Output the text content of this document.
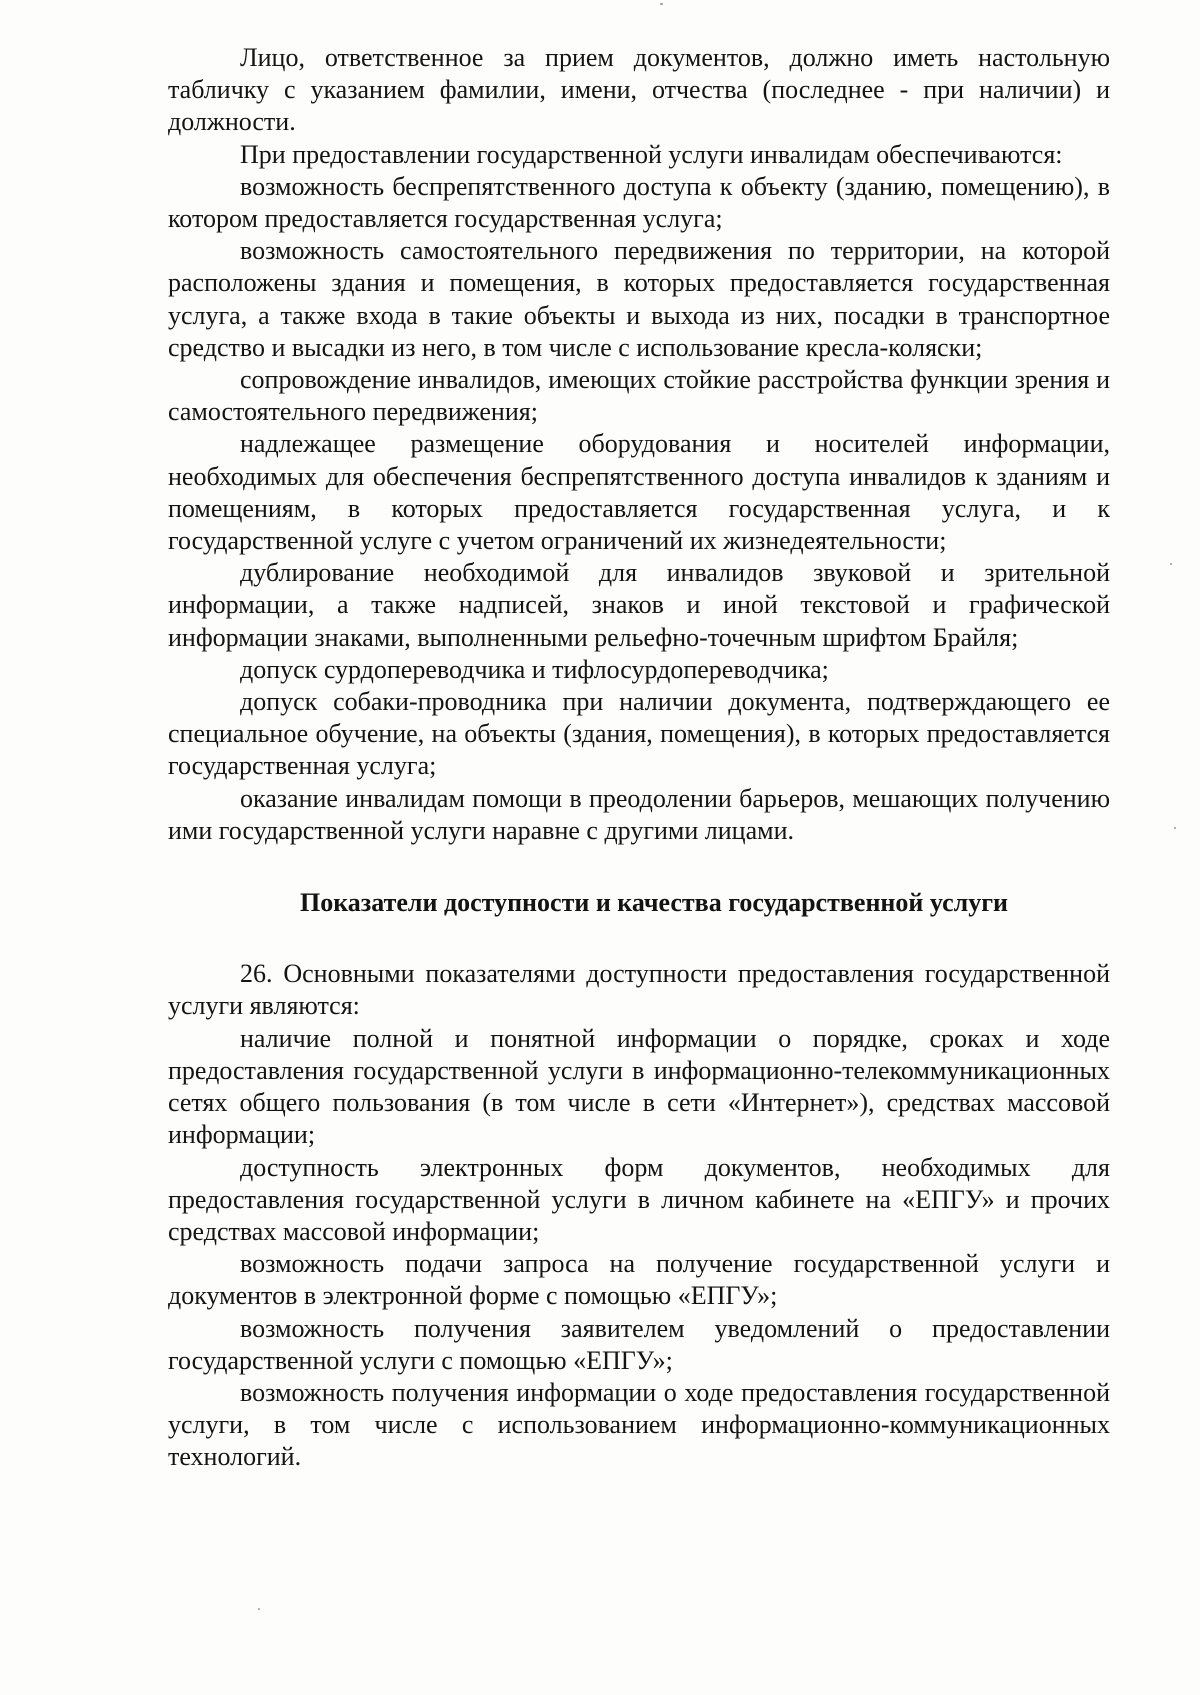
Лицо, ответственное за прием документов, должно иметь настольную табличку с указанием фамилии, имени, отчества (последнее - при наличии) и должности.

При предоставлении государственной услуги инвалидам обеспечиваются:

возможность беспрепятственного доступа к объекту (зданию, помещению), в котором предоставляется государственная услуга;

возможность самостоятельного передвижения по территории, на которой расположены здания и помещения, в которых предоставляется государственная услуга, а также входа в такие объекты и выхода из них, посадки в транспортное средство и высадки из него, в том числе с использование кресла-коляски;

сопровождение инвалидов, имеющих стойкие расстройства функции зрения и самостоятельного передвижения;

надлежащее размещение оборудования и носителей информации, необходимых для обеспечения беспрепятственного доступа инвалидов к зданиям и помещениям, в которых предоставляется государственная услуга, и к государственной услуге с учетом ограничений их жизнедеятельности;

дублирование необходимой для инвалидов звуковой и зрительной информации, а также надписей, знаков и иной текстовой и графической информации знаками, выполненными рельефно-точечным шрифтом Брайля;

допуск сурдопереводчика и тифлосурдопереводчика;

допуск собаки-проводника при наличии документа, подтверждающего ее специальное обучение, на объекты (здания, помещения), в которых предоставляется государственная услуга;

оказание инвалидам помощи в преодолении барьеров, мешающих получению ими государственной услуги наравне с другими лицами.

Показатели доступности и качества государственной услуги

26. Основными показателями доступности предоставления государственной услуги являются:

наличие полной и понятной информации о порядке, сроках и ходе предоставления государственной услуги в информационно-телекоммуникационных сетях общего пользования (в том числе в сети «Интернет»), средствах массовой информации;

доступность электронных форм документов, необходимых для предоставления государственной услуги в личном кабинете на «ЕПГУ» и прочих средствах массовой информации;

возможность подачи запроса на получение государственной услуги и документов в электронной форме с помощью «ЕПГУ»;

возможность получения заявителем уведомлений о предоставлении государственной услуги с помощью «ЕПГУ»;

возможность получения информации о ходе предоставления государственной услуги, в том числе с использованием информационно-коммуникационных технологий.
